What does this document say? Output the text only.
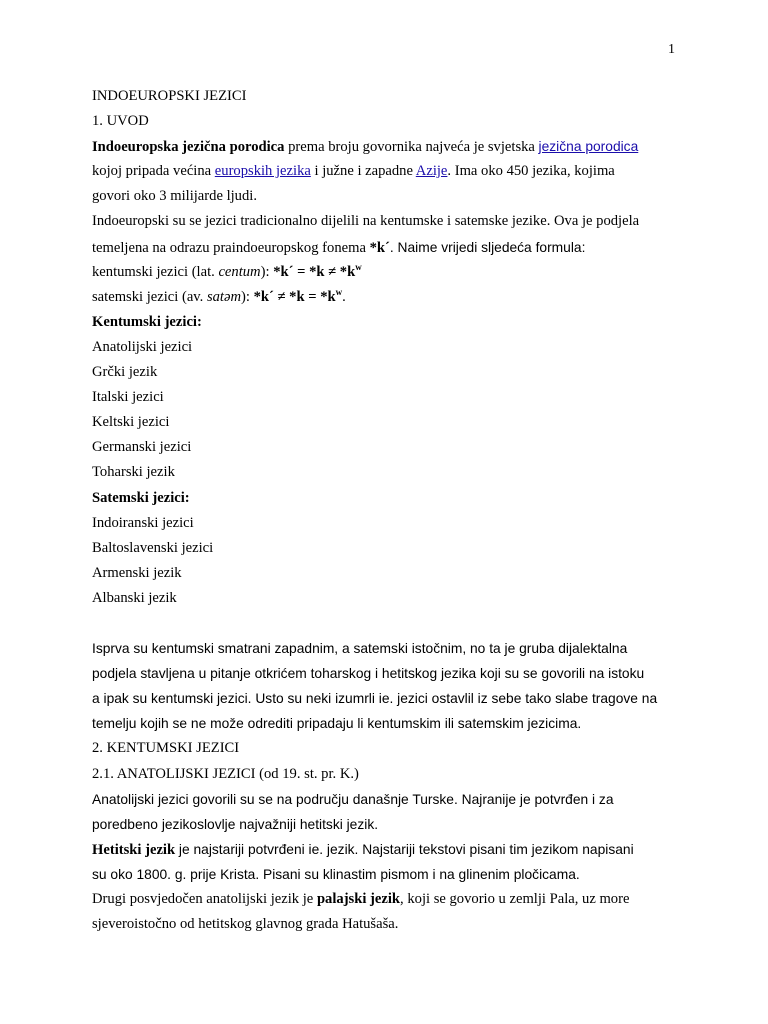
1
INDOEUROPSKI JEZICI
1. UVOD
Indoeuropska jezična porodica prema broju govornika najveća je svjetska jezična porodica
kojoj pripada većina europskih jezika i južne i zapadne Azije. Ima oko 450 jezika, kojima
govori oko 3 milijarde ljudi.
Indoeuropski su se jezici tradicionalno dijelili na kentumske i satemske jezike. Ova je podjela
temeljena na odrazu praindoeuropskog fonema *k´. Naime vrijedi sljedeća formula:
kentumski jezici (lat. centum): *k´ = $*k \ne *k^w$
satemski jezici (av. satəm): *k´ ≠ $*k = *k^w$.
Kentumski jezici:
Anatolijski jezici
Grčki jezik
Italski jezici
Keltski jezici
Germanski jezici
Toharski jezik
Satemski jezici:
Indoiranski jezici
Baltoslavenski jezici
Armenski jezik
Albanski jezik
Isprva su kentumski smatrani zapadnim, a satemski istočnim, no ta je gruba dijalektalna
podjela stavljena u pitanje otkrićem toharskog i hetitskog jezika koji su se govorili na istoku
a ipak su kentumski jezici. Usto su neki izumrli ie. jezici ostavlil iz sebe tako slabe tragove na
temelju kojih se ne može odrediti pripadaju li kentumskim ili satemskim jezicima.
2. KENTUMSKI JEZICI
2.1. ANATOLIJSKI JEZICI (od 19. st. pr. K.)
Anatolijski jezici govorili su se na području današnje Turske. Najranije je potvrđen i za
poredbeno jezikoslovlje najvažniji hetitski jezik.
Hetitski jezik je najstariji potvrđeni ie. jezik. Najstariji tekstovi pisani tim jezikom napisani
su oko 1800. g. prije Krista. Pisani su klinastim pismom i na glinenim pločicama.
Drugi posvjedočen anatolijski jezik je palajski jezik, koji se govorio u zemlji Pala, uz more
sjeveroistočno od hetitskog glavnog grada Hatušaša.
